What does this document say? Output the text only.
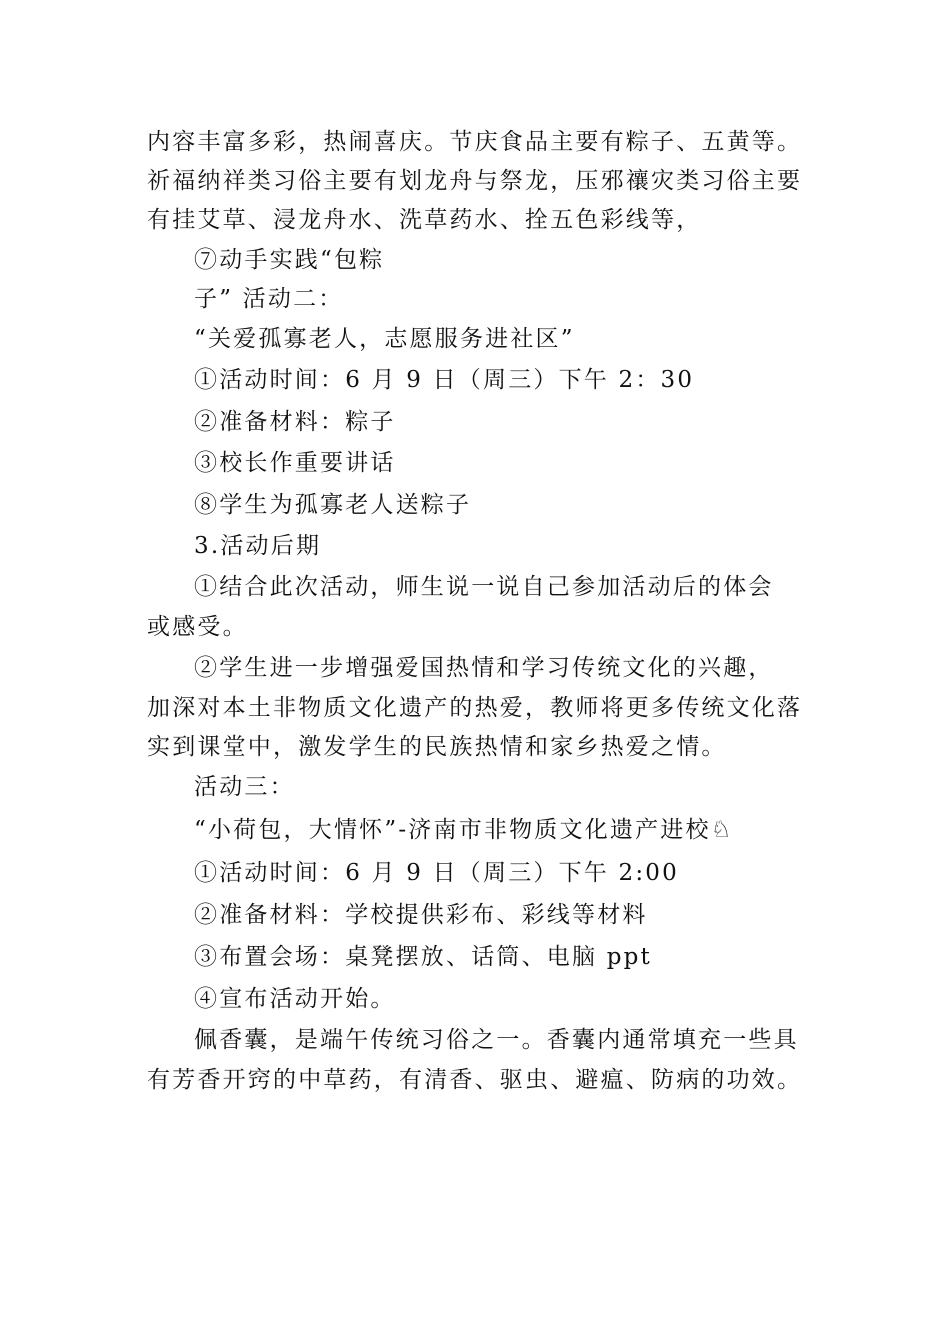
内容丰富多彩，热闹喜庆。节庆食品主要有粽子、五黄等。
祈福纳祥类习俗主要有划龙舟与祭龙，压邪禳灾类习俗主要
有挂艾草、浸龙舟水、洗草药水、拴五色彩线等，
⑦动手实践“包粽
子” 活动二：
“关爱孤寡老人，志愿服务进社区”
①活动时间：6 月 9 日（周三）下午 2：30
②准备材料：粽子
③校长作重要讲话
⑧学生为孤寡老人送粽子
3.活动后期
①结合此次活动，师生说一说自己参加活动后的体会
或感受。
②学生进一步增强爱国热情和学习传统文化的兴趣，
加深对本土非物质文化遗产的热爱，教师将更多传统文化落
实到课堂中，激发学生的民族热情和家乡热爱之情。
活动三：
“小荷包，大情怀”-济南市非物质文化遗产进校♘
①活动时间：6 月 9 日（周三）下午 2:00
②准备材料：学校提供彩布、彩线等材料
③布置会场：桌凳摆放、话筒、电脑 ppt
④宣布活动开始。
佩香囊，是端午传统习俗之一。香囊内通常填充一些具
有芳香开窍的中草药，有清香、驱虫、避瘟、防病的功效。
